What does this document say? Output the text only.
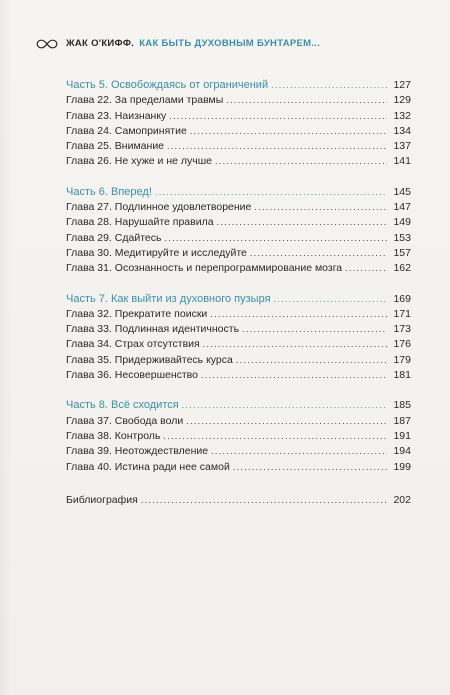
ЖАК О'КИФФ. КАК БЫТЬ ДУХОВНЫМ БУНТАРЕМ...
Часть 5. Освобождаясь от ограничений .....	127
Глава 22. За пределами травмы .....	129
Глава 23. Наизнанку .....	132
Глава 24. Самопринятие .....	134
Глава 25. Внимание .....	137
Глава 26. Не хуже и не лучше .....	141
Часть 6. Вперед! .....	145
Глава 27. Подлинное удовлетворение .....	147
Глава 28. Нарушайте правила .....	149
Глава 29. Сдайтесь .....	153
Глава 30. Медитируйте и исследуйте .....	157
Глава 31. Осознанность и перепрограммирование мозга .....	162
Часть 7. Как выйти из духовного пузыря .....	169
Глава 32. Прекратите поиски .....	171
Глава 33. Подлинная идентичность .....	173
Глава 34. Страх отсутствия .....	176
Глава 35. Придерживайтесь курса .....	179
Глава 36. Несовершенство .....	181
Часть 8. Всё сходится .....	185
Глава 37. Свобода воли .....	187
Глава 38. Контроль .....	191
Глава 39. Неотождествление .....	194
Глава 40. Истина ради нее самой .....	199
Библиография .....	202
